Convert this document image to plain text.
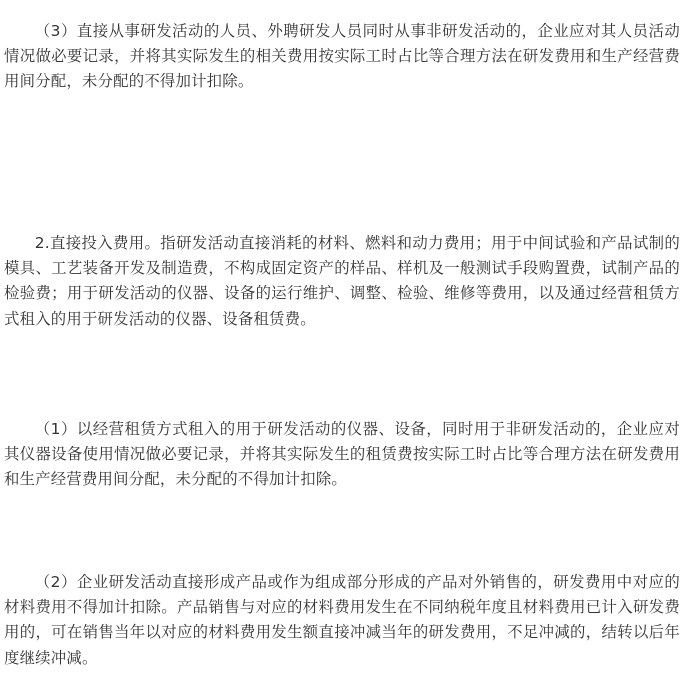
（3）直接从事研发活动的人员、外聘研发人员同时从事非研发活动的，企业应对其人员活动情况做必要记录，并将其实际发生的相关费用按实际工时占比等合理方法在研发费用和生产经营费用间分配，未分配的不得加计扣除。

2.直接投入费用。指研发活动直接消耗的材料、燃料和动力费用；用于中间试验和产品试制的模具、工艺装备开发及制造费，不构成固定资产的样品、样机及一般测试手段购置费，试制产品的检验费；用于研发活动的仪器、设备的运行维护、调整、检验、维修等费用，以及通过经营租赁方式租入的用于研发活动的仪器、设备租赁费。

（1）以经营租赁方式租入的用于研发活动的仪器、设备，同时用于非研发活动的，企业应对其仪器设备使用情况做必要记录，并将其实际发生的租赁费按实际工时占比等合理方法在研发费用和生产经营费用间分配，未分配的不得加计扣除。

（2）企业研发活动直接形成产品或作为组成部分形成的产品对外销售的，研发费用中对应的材料费用不得加计扣除。产品销售与对应的材料费用发生在不同纳税年度且材料费用已计入研发费用的，可在销售当年以对应的材料费用发生额直接冲减当年的研发费用，不足冲减的，结转以后年度继续冲减。
